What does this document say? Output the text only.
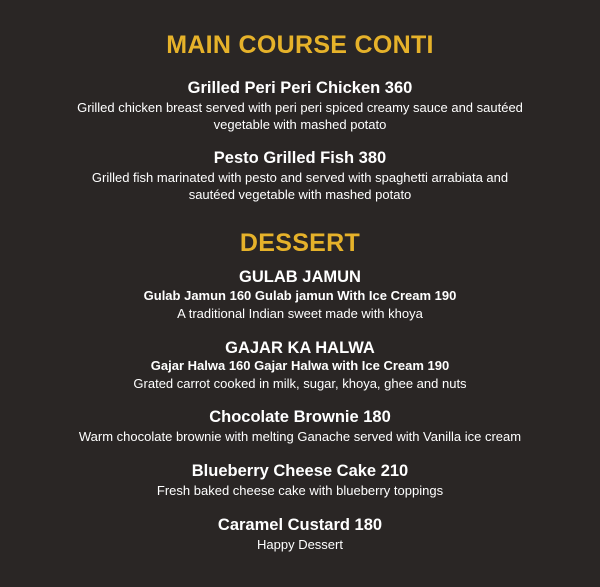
MAIN COURSE CONTI
Grilled Peri Peri Chicken 360
Grilled chicken breast served with peri peri spiced creamy sauce and sautéed
vegetable with mashed potato
Pesto Grilled Fish 380
Grilled fish marinated with pesto and served with spaghetti arrabiata and
sautéed vegetable with mashed potato
DESSERT
GULAB JAMUN
Gulab Jamun 160 Gulab jamun With Ice Cream 190
A traditional Indian sweet made with khoya
GAJAR KA HALWA
Gajar Halwa 160 Gajar Halwa with Ice Cream 190
Grated carrot cooked in milk, sugar, khoya, ghee and nuts
Chocolate Brownie 180
Warm chocolate brownie with melting Ganache served with Vanilla ice cream
Blueberry Cheese Cake 210
Fresh baked cheese cake with blueberry toppings
Caramel Custard 180
Happy Dessert
